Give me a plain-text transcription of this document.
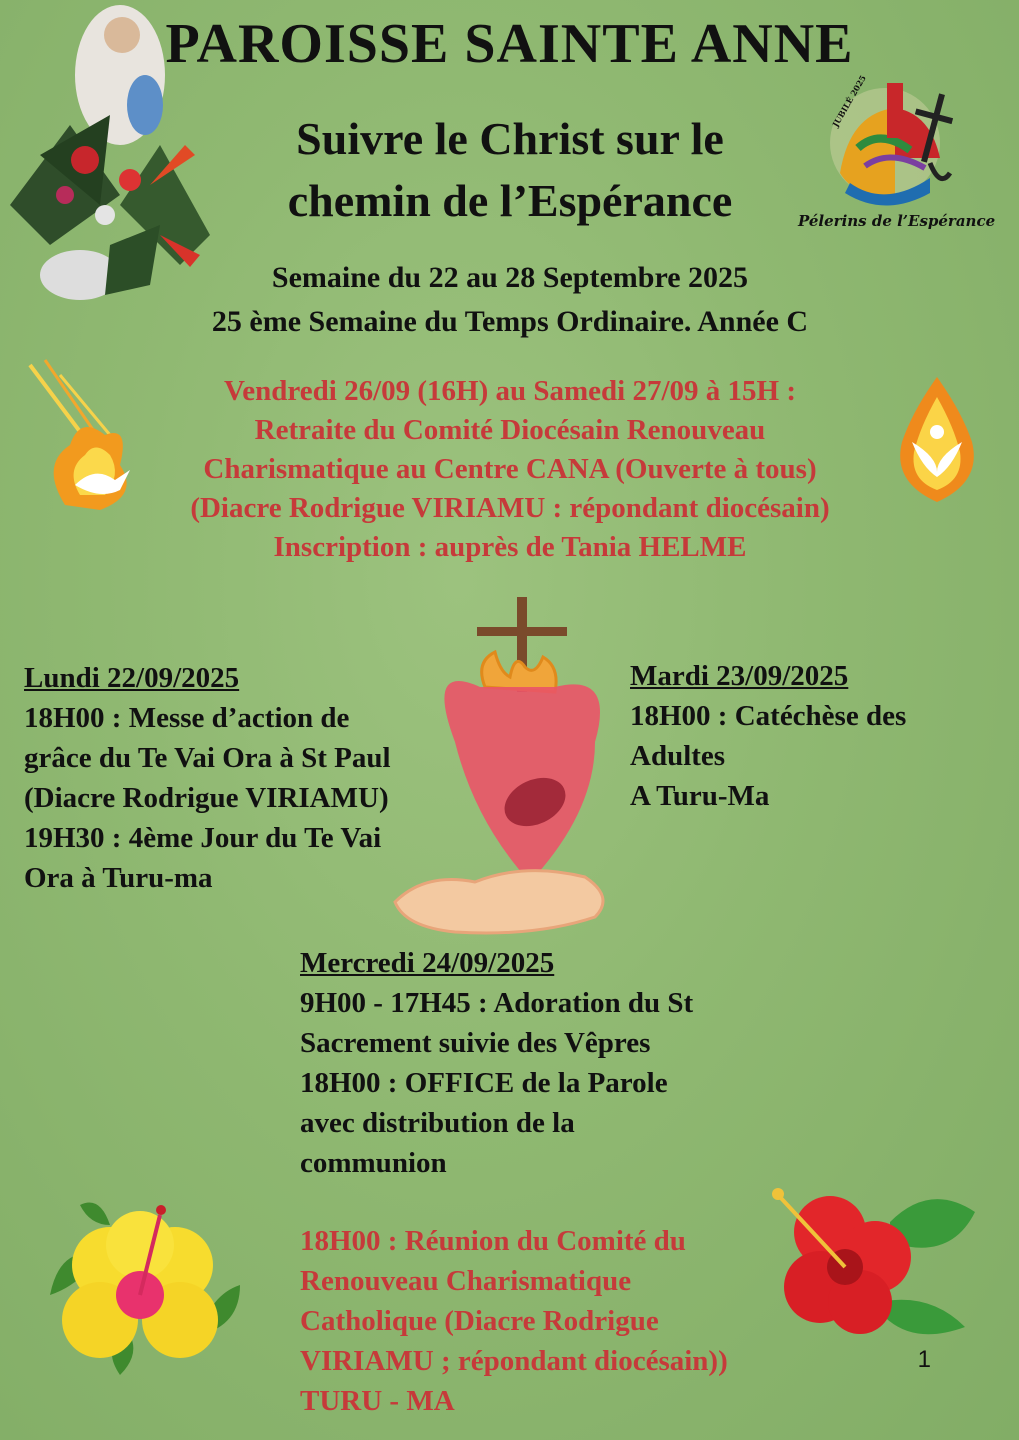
PAROISSE SAINTE ANNE
Suivre le Christ sur le
chemin de l’Espérance
JUBILÉ 2025
Pélerins de l’Espérance
Semaine du 22 au 28 Septembre 2025
25 ème Semaine du Temps Ordinaire. Année C
Vendredi 26/09 (16H) au Samedi 27/09 à 15H :
Retraite du Comité Diocésain Renouveau
Charismatique au Centre CANA (Ouverte à tous)
(Diacre Rodrigue VIRIAMU : répondant diocésain)
Inscription : auprès de Tania HELME
Lundi 22/09/2025
18H00 : Messe d’action de
grâce du Te Vai Ora à St Paul
(Diacre Rodrigue VIRIAMU)
19H30 : 4ème Jour du Te Vai
Ora à Turu-ma
Mardi 23/09/2025
18H00 : Catéchèse des
Adultes
A Turu-Ma
Mercredi 24/09/2025
9H00 - 17H45 : Adoration du St
Sacrement suivie des Vêpres
18H00 : OFFICE de la Parole
avec distribution de la
communion
18H00 : Réunion du Comité du
Renouveau Charismatique
Catholique (Diacre Rodrigue
VIRIAMU ; répondant diocésain))
TURU - MA
1
